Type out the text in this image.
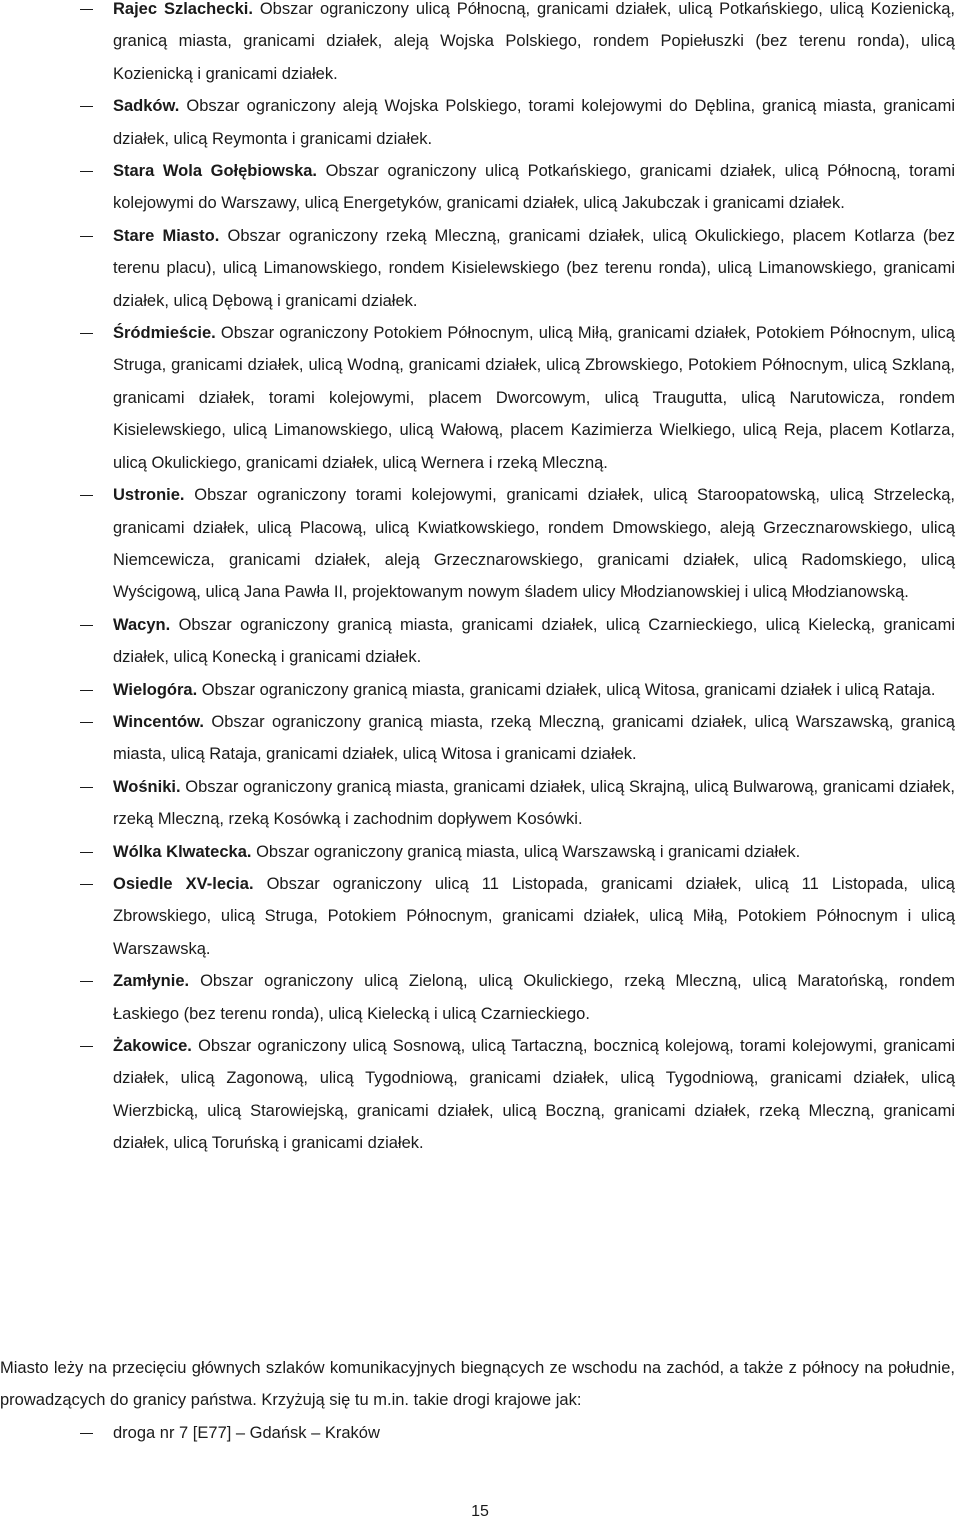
Rajec Szlachecki. Obszar ograniczony ulicą Północną, granicami działek, ulicą Potkańskiego, ulicą Kozienicką, granicą miasta, granicami działek, aleją Wojska Polskiego, rondem Popiełuszki (bez terenu ronda), ulicą Kozienicką i granicami działek.
Sadków. Obszar ograniczony aleją Wojska Polskiego, torami kolejowymi do Dęblina, granicą miasta, granicami działek, ulicą Reymonta i granicami działek.
Stara Wola Gołębiowska. Obszar ograniczony ulicą Potkańskiego, granicami działek, ulicą Północną, torami kolejowymi do Warszawy, ulicą Energetyków, granicami działek, ulicą Jakubczak i granicami działek.
Stare Miasto. Obszar ograniczony rzeką Mleczną, granicami działek, ulicą Okulickiego, placem Kotlarza (bez terenu placu), ulicą Limanowskiego, rondem Kisielewskiego (bez terenu ronda), ulicą Limanowskiego, granicami działek, ulicą Dębową i granicami działek.
Śródmieście. Obszar ograniczony Potokiem Północnym, ulicą Miłą, granicami działek, Potokiem Północnym, ulicą Struga, granicami działek, ulicą Wodną, granicami działek, ulicą Zbrowskiego, Potokiem Północnym, ulicą Szklaną, granicami działek, torami kolejowymi, placem Dworcowym, ulicą Traugutta, ulicą Narutowicza, rondem Kisielewskiego, ulicą Limanowskiego, ulicą Wałową, placem Kazimierza Wielkiego, ulicą Reja, placem Kotlarza, ulicą Okulickiego, granicami działek, ulicą Wernera i rzeką Mleczną.
Ustronie. Obszar ograniczony torami kolejowymi, granicami działek, ulicą Staroopatowską, ulicą Strzelecką, granicami działek, ulicą Placową, ulicą Kwiatkowskiego, rondem Dmowskiego, aleją Grzecznarowskiego, ulicą Niemcewicza, granicami działek, aleją Grzecznarowskiego, granicami działek, ulicą Radomskiego, ulicą Wyścigową, ulicą Jana Pawła II, projektowanym nowym śladem ulicy Młodzianowskiej i ulicą Młodzianowską.
Wacyn. Obszar ograniczony granicą miasta, granicami działek, ulicą Czarnieckiego, ulicą Kielecką, granicami działek, ulicą Konecką i granicami działek.
Wielogóra. Obszar ograniczony granicą miasta, granicami działek, ulicą Witosa, granicami działek i ulicą Rataja.
Wincentów. Obszar ograniczony granicą miasta, rzeką Mleczną, granicami działek, ulicą Warszawską, granicą miasta, ulicą Rataja, granicami działek, ulicą Witosa i granicami działek.
Wośniki. Obszar ograniczony granicą miasta, granicami działek, ulicą Skrajną, ulicą Bulwarową, granicami działek, rzeką Mleczną, rzeką Kosówką i zachodnim dopływem Kosówki.
Wólka Klwatecka. Obszar ograniczony granicą miasta, ulicą Warszawską i granicami działek.
Osiedle XV-lecia. Obszar ograniczony ulicą 11 Listopada, granicami działek, ulicą 11 Listopada, ulicą Zbrowskiego, ulicą Struga, Potokiem Północnym, granicami działek, ulicą Miłą, Potokiem Północnym i ulicą Warszawską.
Zamłynie. Obszar ograniczony ulicą Zieloną, ulicą Okulickiego, rzeką Mleczną, ulicą Maratońską, rondem Łaskiego (bez terenu ronda), ulicą Kielecką i ulicą Czarnieckiego.
Żakowice. Obszar ograniczony ulicą Sosnową, ulicą Tartaczną, bocznicą kolejową, torami kolejowymi, granicami działek, ulicą Zagonową, ulicą Tygodniową, granicami działek, ulicą Tygodniową, granicami działek, ulicą Wierzbicką, ulicą Starowiejską, granicami działek, ulicą Boczną, granicami działek, rzeką Mleczną, granicami działek, ulicą Toruńską i granicami działek.

Miasto leży na przecięciu głównych szlaków komunikacyjnych biegnących ze wschodu na zachód, a także z północy na południe, prowadzących do granicy państwa. Krzyżują się tu m.in. takie drogi krajowe jak:

droga nr 7 [E77] – Gdańsk – Kraków
15
